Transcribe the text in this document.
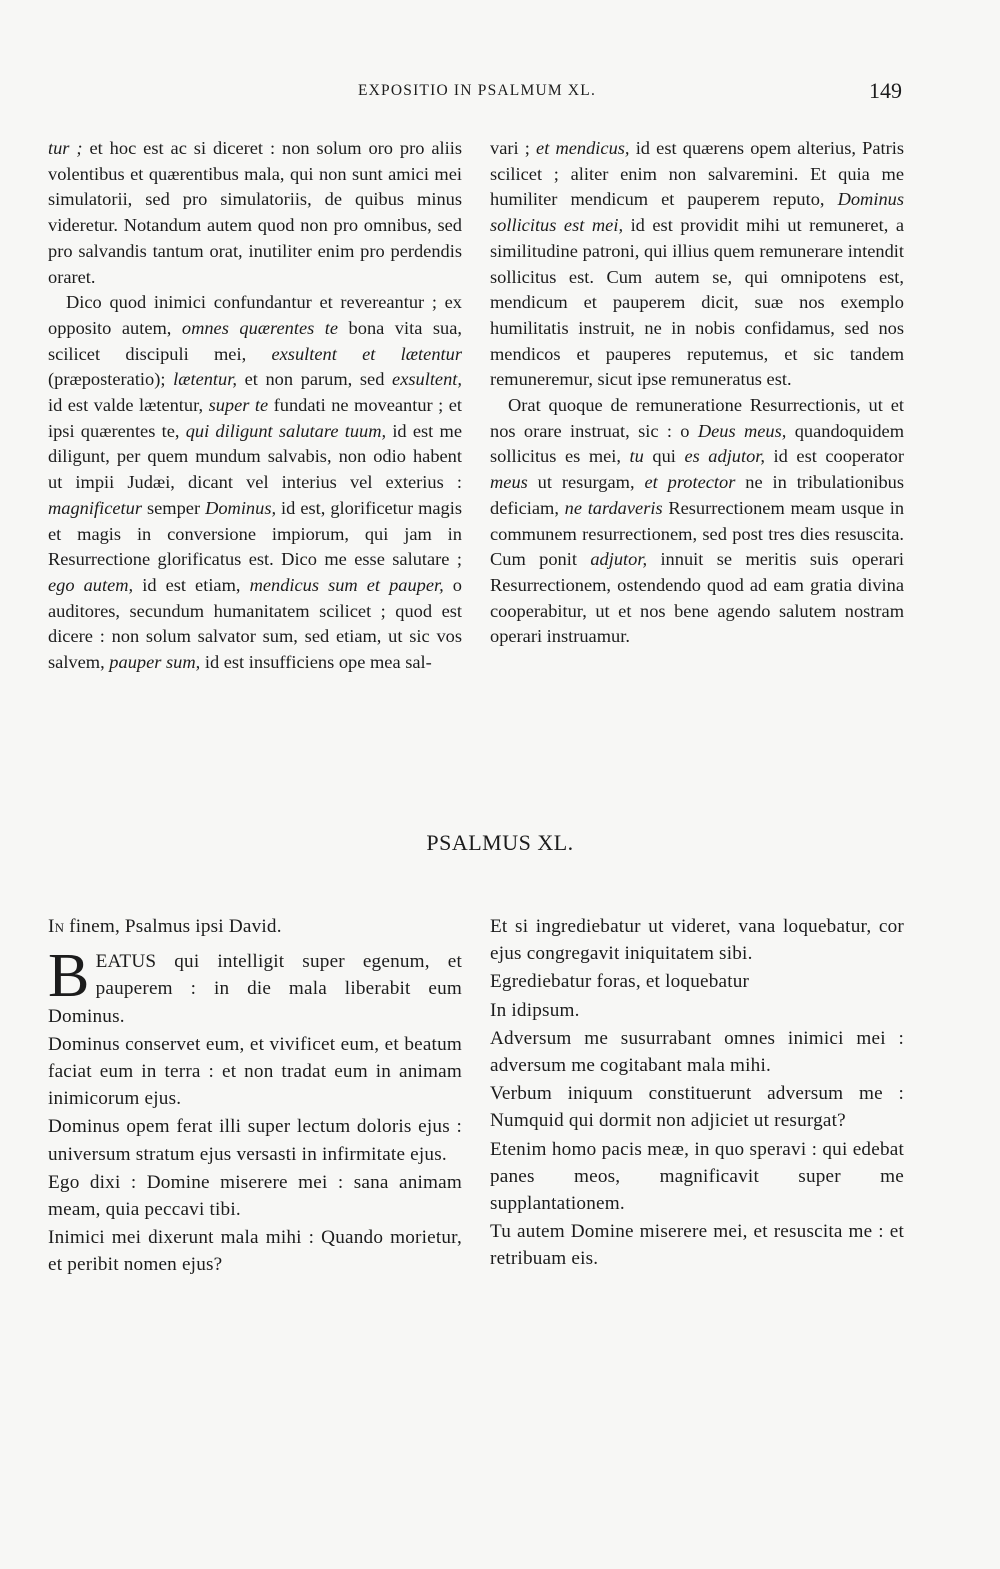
EXPOSITIO IN PSALMUM XL.	149

tur ; et hoc est ac si diceret : non solum oro pro aliis volentibus et quærentibus mala, qui non sunt amici mei simulatorii, sed pro simulatoriis, de quibus minus videretur. Notandum autem quod non pro omnibus, sed pro salvandis tantum orat, inutiliter enim pro perdendis oraret.

Dico quod inimici confundantur et revereantur ; ex opposito autem, omnes quærentes te bona vita sua, scilicet discipuli mei, exsultent et lætentur (præposteratio); lætentur, et non parum, sed exsultent, id est valde lætentur, super te fundati ne moveantur ; et ipsi quærentes te, qui diligunt salutare tuum, id est me diligunt, per quem mundum salvabis, non odio habent ut impii Judæi, dicant vel interius vel exterius : magnificetur semper Dominus, id est, glorificetur magis et magis in conversione impiorum, qui jam in Resurrectione glorificatus est. Dico me esse salutare ; ego autem, id est etiam, mendicus sum et pauper, o auditores, secundum humanitatem scilicet ; quod est dicere : non solum salvator sum, sed etiam, ut sic vos salvem, pauper sum, id est insufficiens ope mea sal-

vari ; et mendicus, id est quærens opem alterius, Patris scilicet ; aliter enim non salvaremini. Et quia me humiliter mendicum et pauperem reputo, Dominus sollicitus est mei, id est providit mihi ut remuneret, a similitudine patroni, qui illius quem remunerare intendit sollicitus est. Cum autem se, qui omnipotens est, mendicum et pauperem dicit, suæ nos exemplo humilitatis instruit, ne in nobis confidamus, sed nos mendicos et pauperes reputemus, et sic tandem remuneremur, sicut ipse remuneratus est.

Orat quoque de remuneratione Resurrectionis, ut et nos orare instruat, sic : o Deus meus, quandoquidem sollicitus es mei, tu qui es adjutor, id est cooperator meus ut resurgam, et protector ne in tribulationibus deficiam, ne tardaveris Resurrectionem meam usque in communem resurrectionem, sed post tres dies resuscita. Cum ponit adjutor, innuit se meritis suis operari Resurrectionem, ostendendo quod ad eam gratia divina cooperabitur, ut et nos bene agendo salutem nostram operari instruamur.

PSALMUS XL.

In finem, Psalmus ipsi David.

BEATUS qui intelligit super egenum, et pauperem : in die mala liberabit eum Dominus.

Dominus conservet eum, et vivificet eum, et beatum faciat eum in terra : et non tradat eum in animam inimicorum ejus.

Dominus opem ferat illi super lectum doloris ejus : universum stratum ejus versasti in infirmitate ejus.

Ego dixi : Domine miserere mei : sana animam meam, quia peccavi tibi.

Inimici mei dixerunt mala mihi : Quando morietur, et peribit nomen ejus?

Et si ingrediebatur ut videret, vana loquebatur, cor ejus congregavit iniquitatem sibi.

Egrediebatur foras, et loquebatur

In idipsum.

Adversum me susurrabant omnes inimici mei : adversum me cogitabant mala mihi.

Verbum iniquum constituerunt adversum me : Numquid qui dormit non adjiciet ut resurgat?

Etenim homo pacis meæ, in quo speravi : qui edebat panes meos, magnificavit super me supplantationem.

Tu autem Domine miserere mei, et resuscita me : et retribuam eis.
